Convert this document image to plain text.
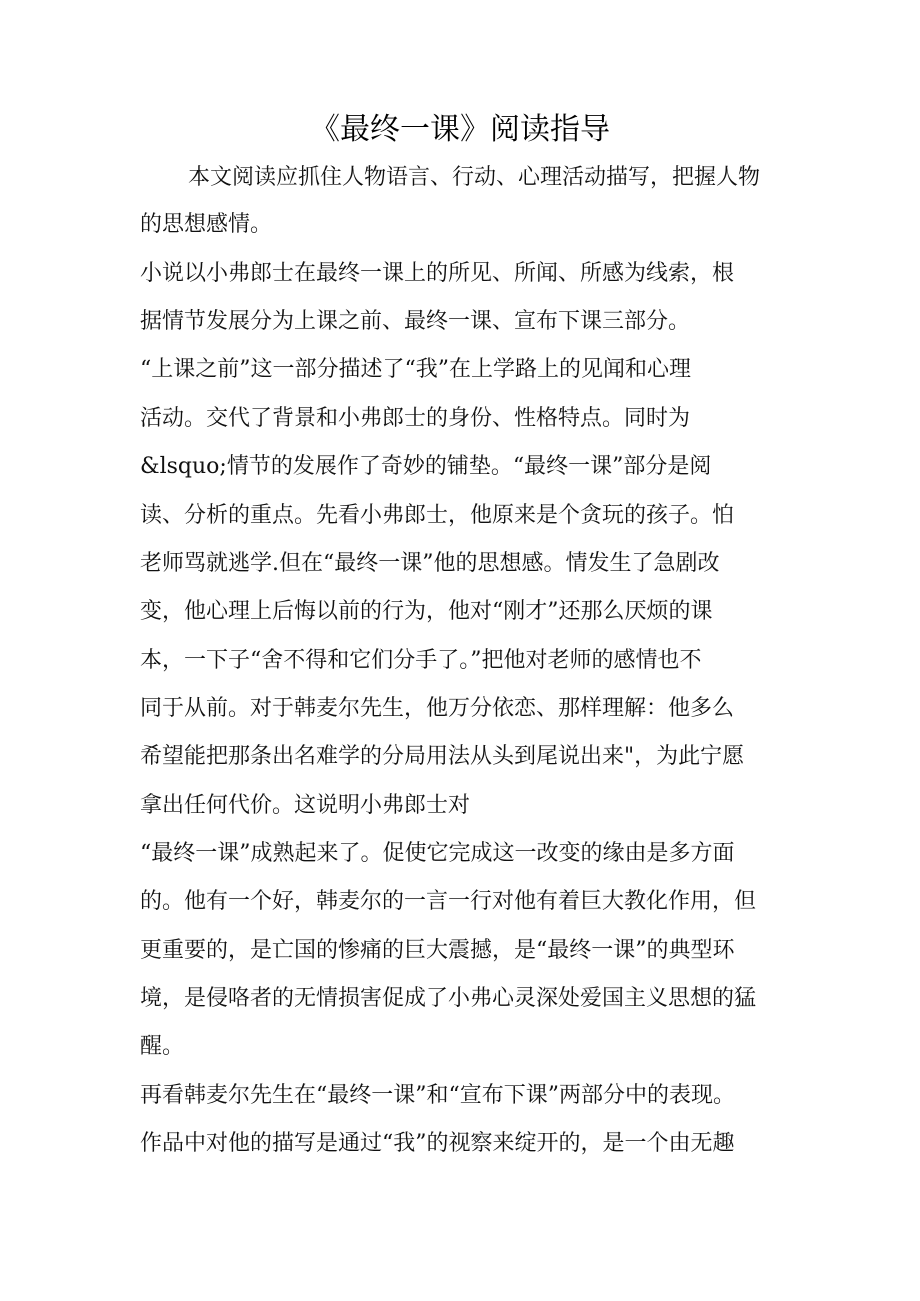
《最终一课》阅读指导
本文阅读应抓住人物语言、行动、心理活动描写，把握人物
的思想感情。
小说以小弗郎士在最终一课上的所见、所闻、所感为线索，根
据情节发展分为上课之前、最终一课、宣布下课三部分。
“上课之前”这一部分描述了“我”在上学路上的见闻和心理
活动。交代了背景和小弗郎士的身份、性格特点。同时为
&lsquo;情节的发展作了奇妙的铺垫。“最终一课”部分是阅
读、分析的重点。先看小弗郎士，他原来是个贪玩的孩子。怕
老师骂就逃学.但在“最终一课”他的思想感。情发生了急剧改
变，他心理上后悔以前的行为，他对“刚才”还那么厌烦的课
本，一下子“舍不得和它们分手了。”把他对老师的感情也不
同于从前。对于韩麦尔先生，他万分依恋、那样理解：他多么
希望能把那条出名难学的分局用法从头到尾说出来"，为此宁愿
拿出任何代价。这说明小弗郎士对
“最终一课”成熟起来了。促使它完成这一改变的缘由是多方面
的。他有一个好，韩麦尔的一言一行对他有着巨大教化作用，但
更重要的，是亡国的惨痛的巨大震撼，是“最终一课”的典型环
境，是侵咯者的无情损害促成了小弗心灵深处爱国主义思想的猛
醒。
再看韩麦尔先生在“最终一课”和“宣布下课”两部分中的表现。
作品中对他的描写是通过“我”的视察来绽开的，是一个由无趣
